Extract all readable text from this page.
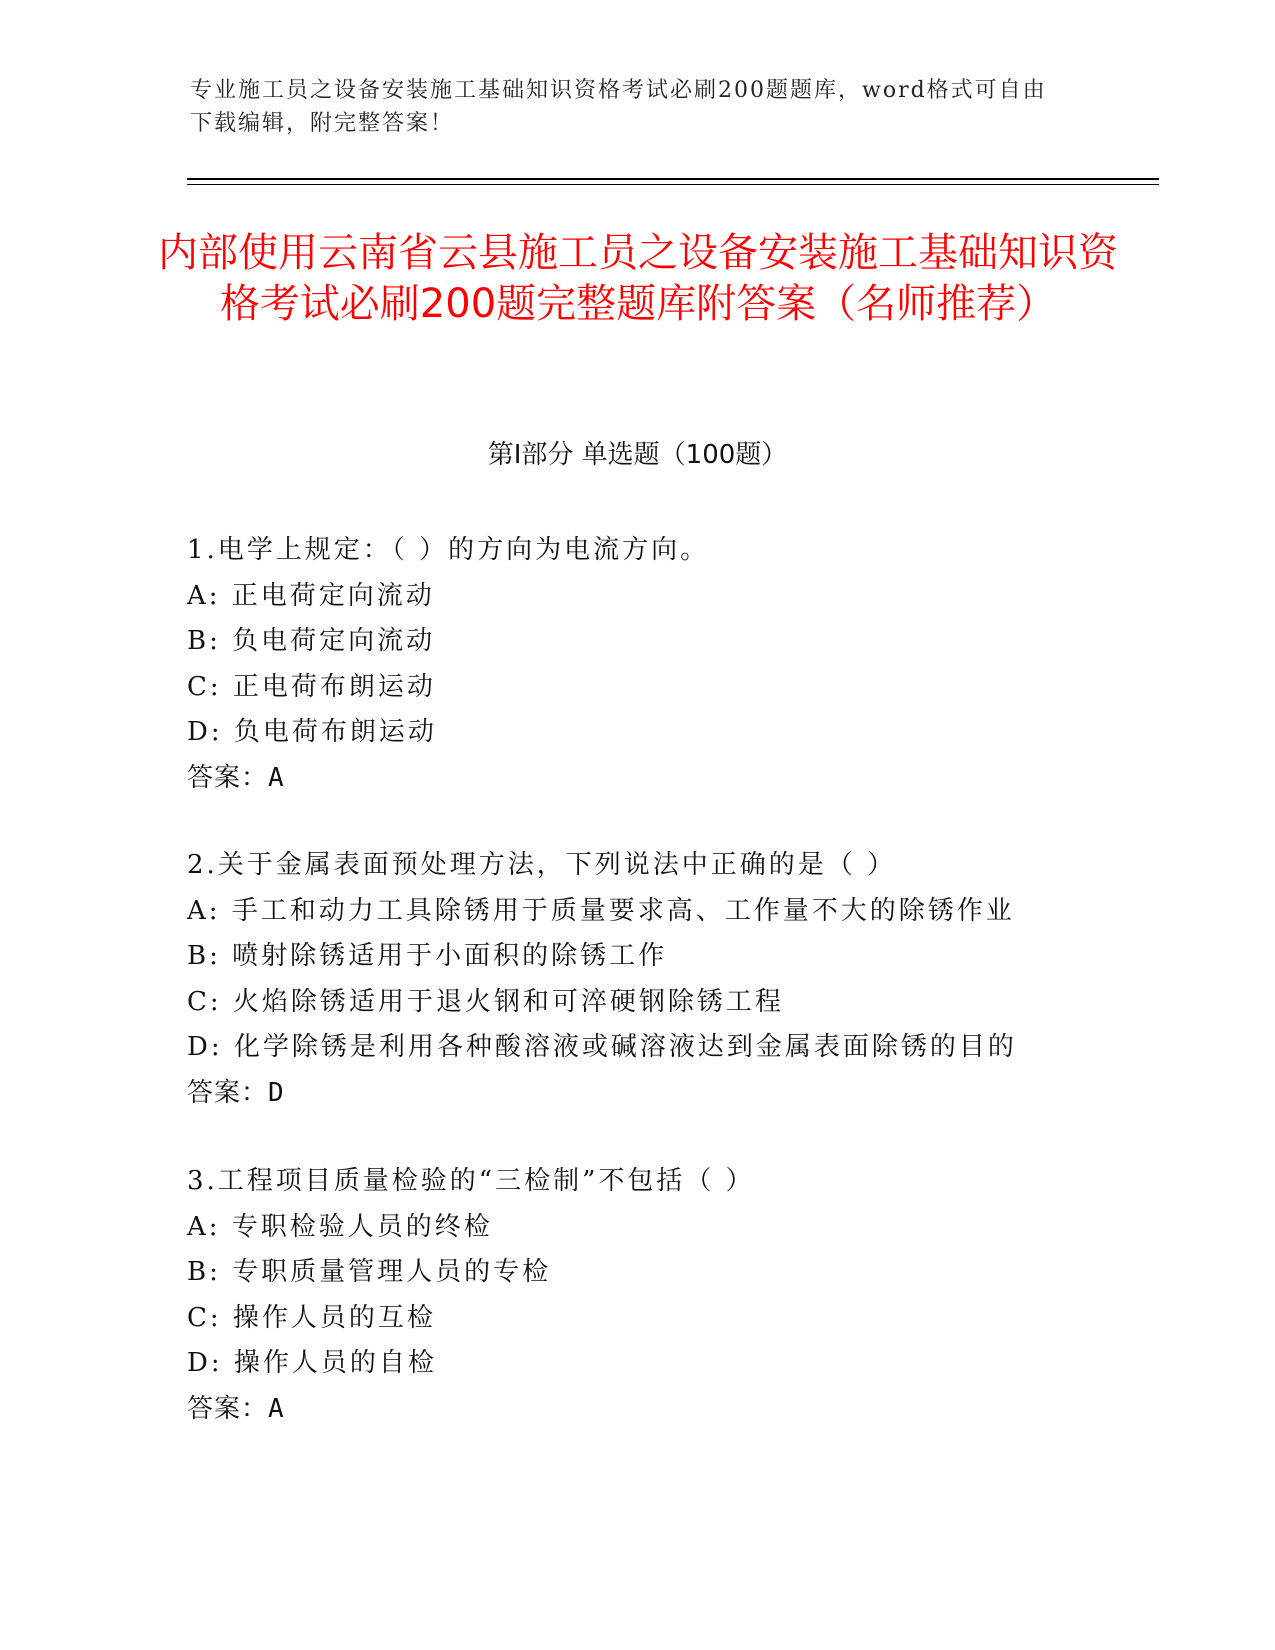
专业施工员之设备安装施工基础知识资格考试必刷200题题库，word格式可自由
下载编辑，附完整答案！
内部使用云南省云县施工员之设备安装施工基础知识资格考试必刷200题完整题库附答案（名师推荐）
第Ⅰ部分 单选题（100题）
1.电学上规定：（ ）的方向为电流方向。
A: 正电荷定向流动
B: 负电荷定向流动
C: 正电荷布朗运动
D: 负电荷布朗运动
答案：A
2.关于金属表面预处理方法，下列说法中正确的是（ ）
A: 手工和动力工具除锈用于质量要求高、工作量不大的除锈作业
B: 喷射除锈适用于小面积的除锈工作
C: 火焰除锈适用于退火钢和可淬硬钢除锈工程
D: 化学除锈是利用各种酸溶液或碱溶液达到金属表面除锈的目的
答案：D
3.工程项目质量检验的“三检制”不包括（ ）
A: 专职检验人员的终检
B: 专职质量管理人员的专检
C: 操作人员的互检
D: 操作人员的自检
答案：A
